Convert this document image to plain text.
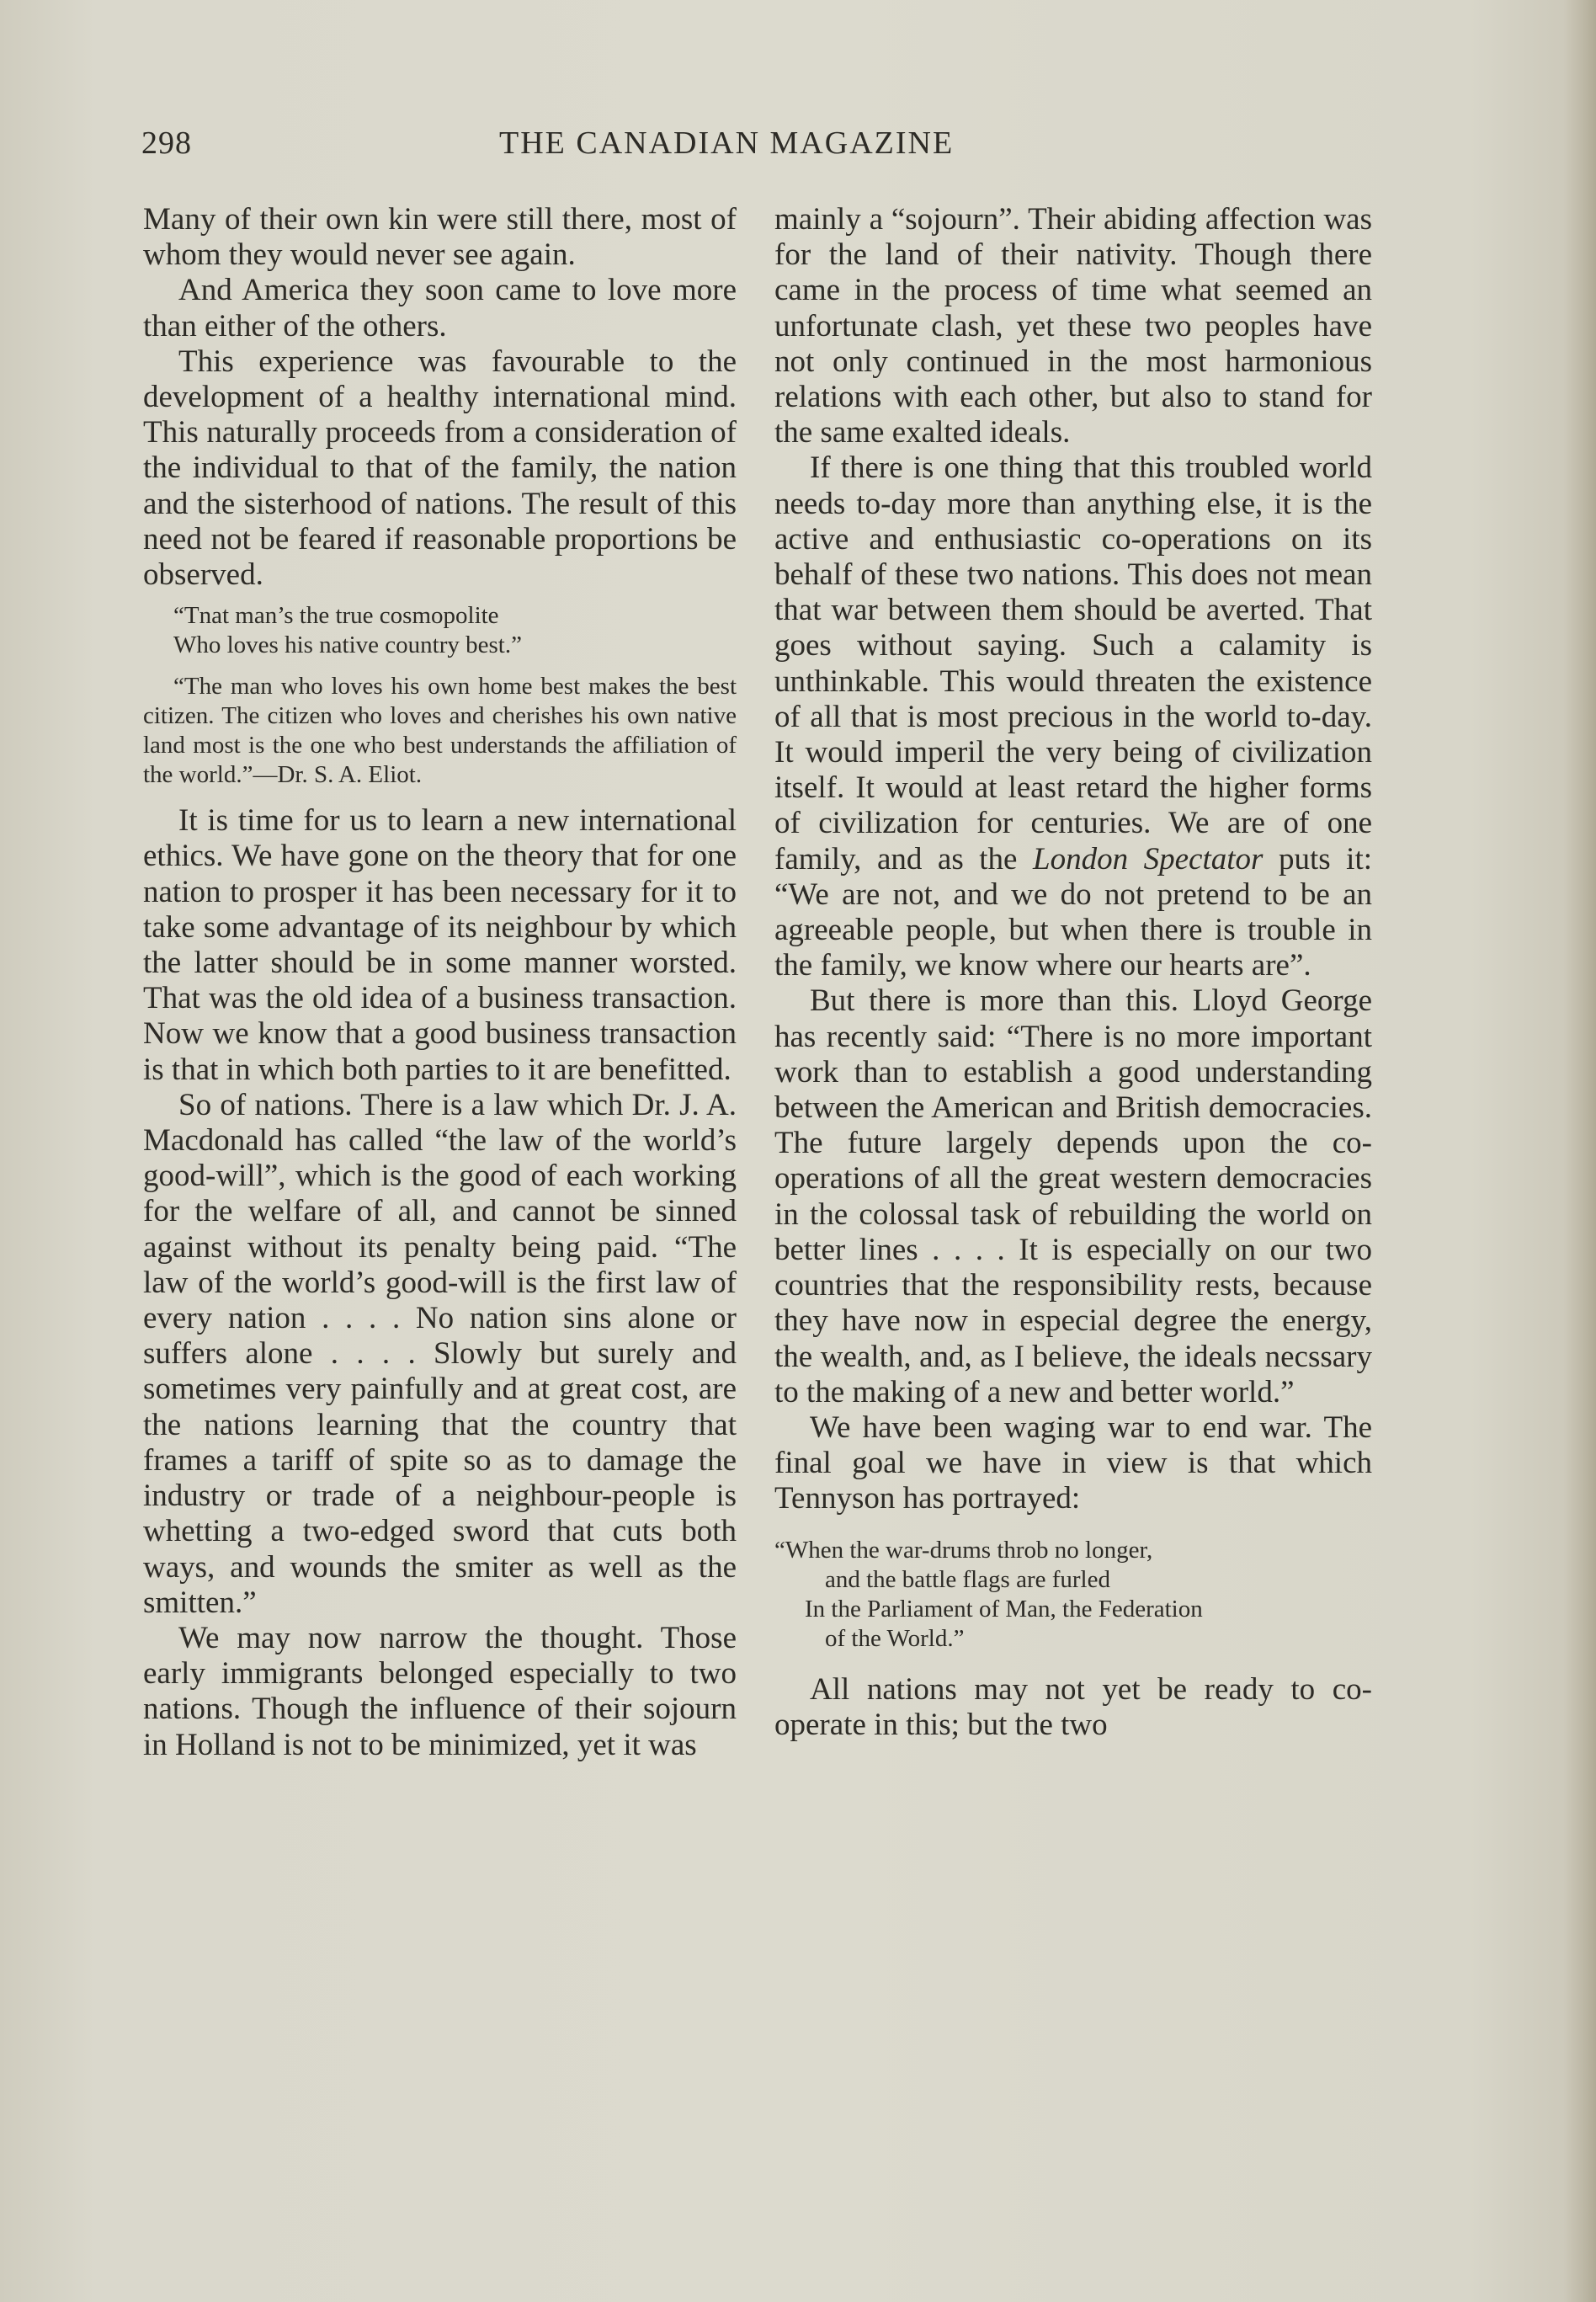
298	THE CANADIAN MAGAZINE

Many of their own kin were still there, most of whom they would never see again.

And America they soon came to love more than either of the others.

This experience was favourable to the development of a healthy international mind. This naturally proceeds from a consideration of the individual to that of the family, the nation and the sisterhood of nations. The result of this need not be feared if reasonable proportions be observed.

“Tnat man’s the true cosmopolite
Who loves his native country best.”
“The man who loves his own home best makes the best citizen. The citizen who loves and cherishes his own native land most is the one who best understands the affiliation of the world.”—Dr. S. A. Eliot.

It is time for us to learn a new international ethics. We have gone on the theory that for one nation to prosper it has been necessary for it to take some advantage of its neighbour by which the latter should be in some manner worsted. That was the old idea of a business transaction. Now we know that a good business transaction is that in which both parties to it are benefitted.

So of nations. There is a law which Dr. J. A. Macdonald has called “the law of the world’s good-will”, which is the good of each working for the welfare of all, and cannot be sinned against without its penalty being paid. “The law of the world’s good-will is the first law of every nation . . . . No nation sins alone or suffers alone . . . . Slowly but surely and sometimes very painfully and at great cost, are the nations learning that the country that frames a tariff of spite so as to damage the industry or trade of a neighbour-people is whetting a two-edged sword that cuts both ways, and wounds the smiter as well as the smitten.”

We may now narrow the thought. Those early immigrants belonged especially to two nations. Though the influence of their sojourn in Holland is not to be minimized, yet it was

mainly a “sojourn”. Their abiding affection was for the land of their nativity. Though there came in the process of time what seemed an unfortunate clash, yet these two peoples have not only continued in the most harmonious relations with each other, but also to stand for the same exalted ideals.

If there is one thing that this troubled world needs to-day more than anything else, it is the active and enthusiastic co-operations on its behalf of these two nations. This does not mean that war between them should be averted. That goes without saying. Such a calamity is unthinkable. This would threaten the existence of all that is most precious in the world to-day. It would imperil the very being of civilization itself. It would at least retard the higher forms of civilization for centuries. We are of one family, and as the London Spectator puts it: “We are not, and we do not pretend to be an agreeable people, but when there is trouble in the family, we know where our hearts are”.

But there is more than this. Lloyd George has recently said: “There is no more important work than to establish a good understanding between the American and British democracies. The future largely depends upon the co-operations of all the great western democracies in the colossal task of rebuilding the world on better lines . . . . It is especially on our two countries that the responsibility rests, because they have now in especial degree the energy, the wealth, and, as I believe, the ideals necssary to the making of a new and better world.”

We have been waging war to end war. The final goal we have in view is that which Tennyson has portrayed:

“When the war-drums throb no longer,
and the battle flags are furled
In the Parliament of Man, the Federation
of the World.”

All nations may not yet be ready to co-operate in this; but the two
